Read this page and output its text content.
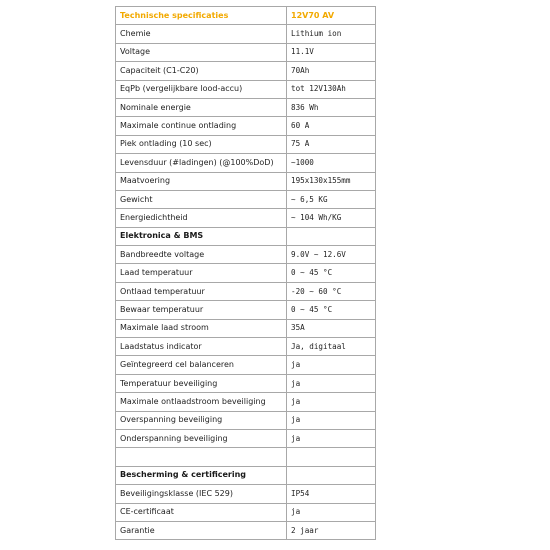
Technische specificaties	12V70 AV
Chemie	Lithium ion
Voltage	11.1V
Capaciteit (C1-C20)	70Ah
EqPb (vergelijkbare lood-accu)	tot 12V130Ah
Nominale energie	836 Wh
Maximale continue ontlading	60 A
Piek ontlading (10 sec)	75 A
Levensduur (#ladingen) (@100%DoD)	~1000
Maatvoering	195x130x155mm
Gewicht	~ 6,5 KG
Energiedichtheid	~ 104 Wh/KG
Elektronica & BMS	
Bandbreedte voltage	9.0V ~ 12.6V
Laad temperatuur	0 ~ 45 °C
Ontlaad temperatuur	-20 ~ 60 °C
Bewaar temperatuur	0 ~ 45 °C
Maximale laad stroom	35A
Laadstatus indicator	Ja, digitaal
Geïntegreerd cel balanceren	ja
Temperatuur beveiliging	ja
Maximale ontlaadstroom beveiliging	ja
Overspanning beveiliging	ja
Onderspanning beveiliging	ja

Bescherming & certificering	
Beveiligingsklasse (IEC 529)	IP54
CE-certificaat	ja
Garantie	2 jaar
